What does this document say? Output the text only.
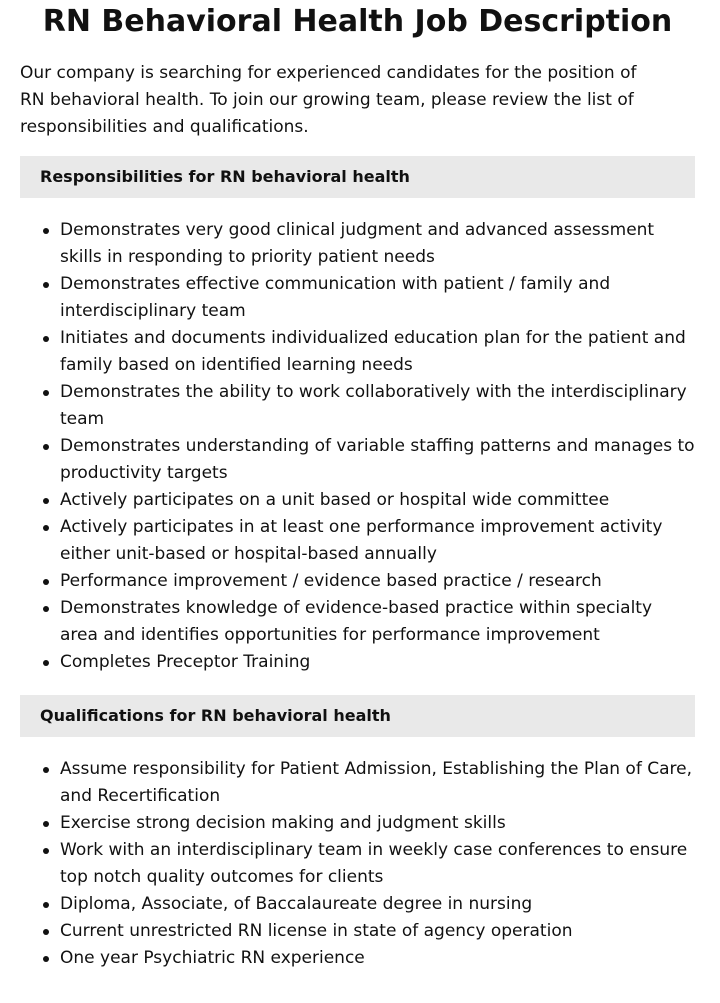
RN Behavioral Health Job Description

Our company is searching for experienced candidates for the position of RN behavioral health. To join our growing team, please review the list of responsibilities and qualifications.

Responsibilities for RN behavioral health
Demonstrates very good clinical judgment and advanced assessment skills in responding to priority patient needs
Demonstrates effective communication with patient / family and interdisciplinary team
Initiates and documents individualized education plan for the patient and family based on identified learning needs
Demonstrates the ability to work collaboratively with the interdisciplinary team
Demonstrates understanding of variable staffing patterns and manages to productivity targets
Actively participates on a unit based or hospital wide committee
Actively participates in at least one performance improvement activity either unit-based or hospital-based annually
Performance improvement / evidence based practice / research
Demonstrates knowledge of evidence-based practice within specialty area and identifies opportunities for performance improvement
Completes Preceptor Training
Qualifications for RN behavioral health
Assume responsibility for Patient Admission, Establishing the Plan of Care, and Recertification
Exercise strong decision making and judgment skills
Work with an interdisciplinary team in weekly case conferences to ensure top notch quality outcomes for clients
Diploma, Associate, of Baccalaureate degree in nursing
Current unrestricted RN license in state of agency operation
One year Psychiatric RN experience
